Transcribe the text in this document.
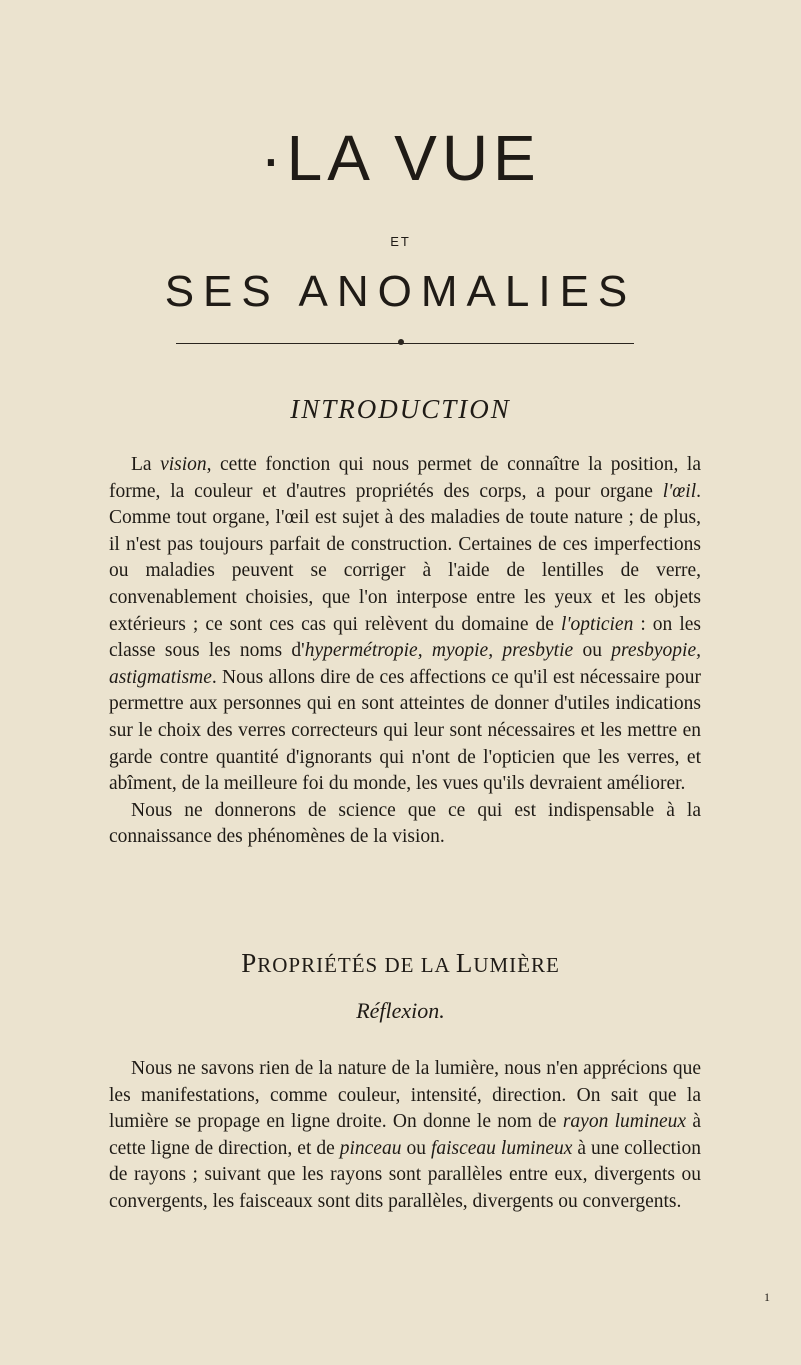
·LA VUE
ET
SES ANOMALIES
INTRODUCTION

La vision, cette fonction qui nous permet de connaître la position, la forme, la couleur et d'autres propriétés des corps, a pour organe l'œil. Comme tout organe, l'œil est sujet à des maladies de toute nature ; de plus, il n'est pas toujours parfait de construction. Certaines de ces imperfections ou maladies peuvent se corriger à l'aide de lentilles de verre, convenablement choisies, que l'on interpose entre les yeux et les objets extérieurs ; ce sont ces cas qui relèvent du domaine de l'opticien : on les classe sous les noms d'hypermétropie, myopie, presbytie ou presbyopie, astigmatisme. Nous allons dire de ces affections ce qu'il est nécessaire pour permettre aux personnes qui en sont atteintes de donner d'utiles indications sur le choix des verres correcteurs qui leur sont nécessaires et les mettre en garde contre quantité d'ignorants qui n'ont de l'opticien que les verres, et abîment, de la meilleure foi du monde, les vues qu'ils devraient améliorer.

Nous ne donnerons de science que ce qui est indispensable à la connaissance des phénomènes de la vision.

PROPRIÉTÉS DE LA LUMIÈRE
Réflexion.

Nous ne savons rien de la nature de la lumière, nous n'en apprécions que les manifestations, comme couleur, intensité, direction. On sait que la lumière se propage en ligne droite. On donne le nom de rayon lumineux à cette ligne de direction, et de pinceau ou faisceau lumineux à une collection de rayons ; suivant que les rayons sont parallèles entre eux, divergents ou convergents, les faisceaux sont dits parallèles, divergents ou convergents.

1
